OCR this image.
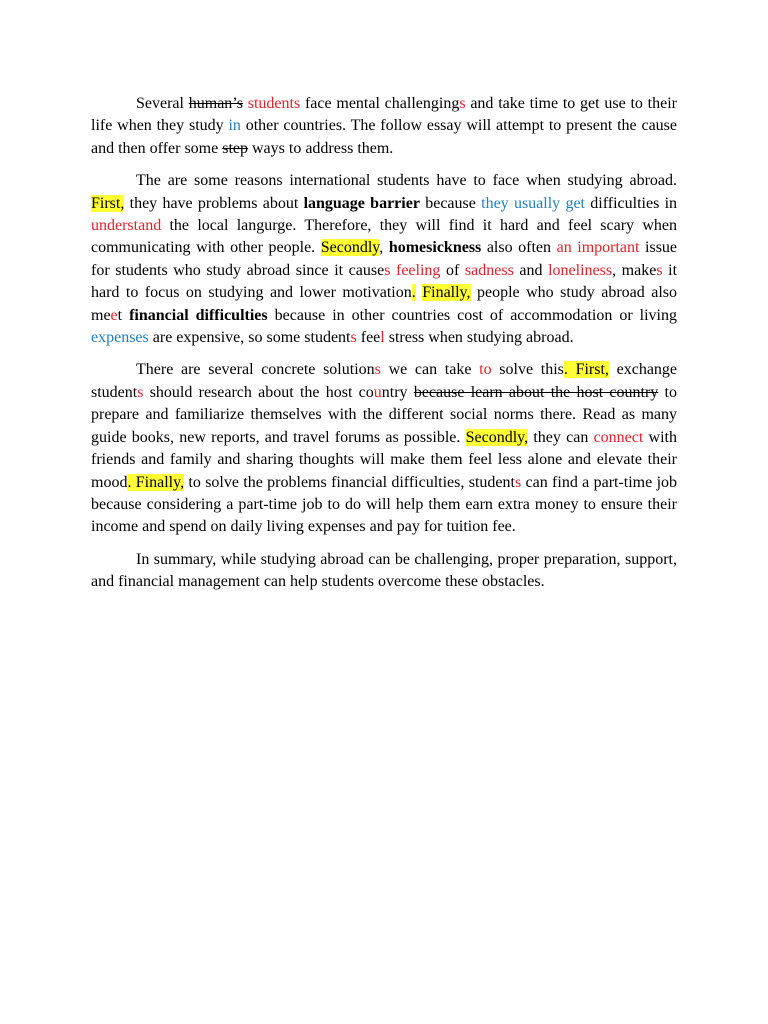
Several human’s students face mental challengings and take time to get use to their life when they study in other countries. The follow essay will attempt to present the cause and then offer some step ways to address them.

The are some reasons international students have to face when studying abroad. First, they have problems about language barrier because they usually get difficulties in understand the local langurge. Therefore, they will find it hard and feel scary when communicating with other people. Secondly, homesickness also often an important issue for students who study abroad since it causes feeling of sadness and loneliness, makes it hard to focus on studying and lower motivation. Finally, people who study abroad also meet financial difficulties because in other countries cost of accommodation or living expenses are expensive, so some students feel stress when studying abroad.

There are several concrete solutions we can take to solve this. First, exchange students should research about the host country because learn about the host country to prepare and familiarize themselves with the different social norms there. Read as many guide books, new reports, and travel forums as possible. Secondly, they can connect with friends and family and sharing thoughts will make them feel less alone and elevate their mood. Finally, to solve the problems financial difficulties, students can find a part-time job because considering a part-time job to do will help them earn extra money to ensure their income and spend on daily living expenses and pay for tuition fee.

In summary, while studying abroad can be challenging, proper preparation, support, and financial management can help students overcome these obstacles.
